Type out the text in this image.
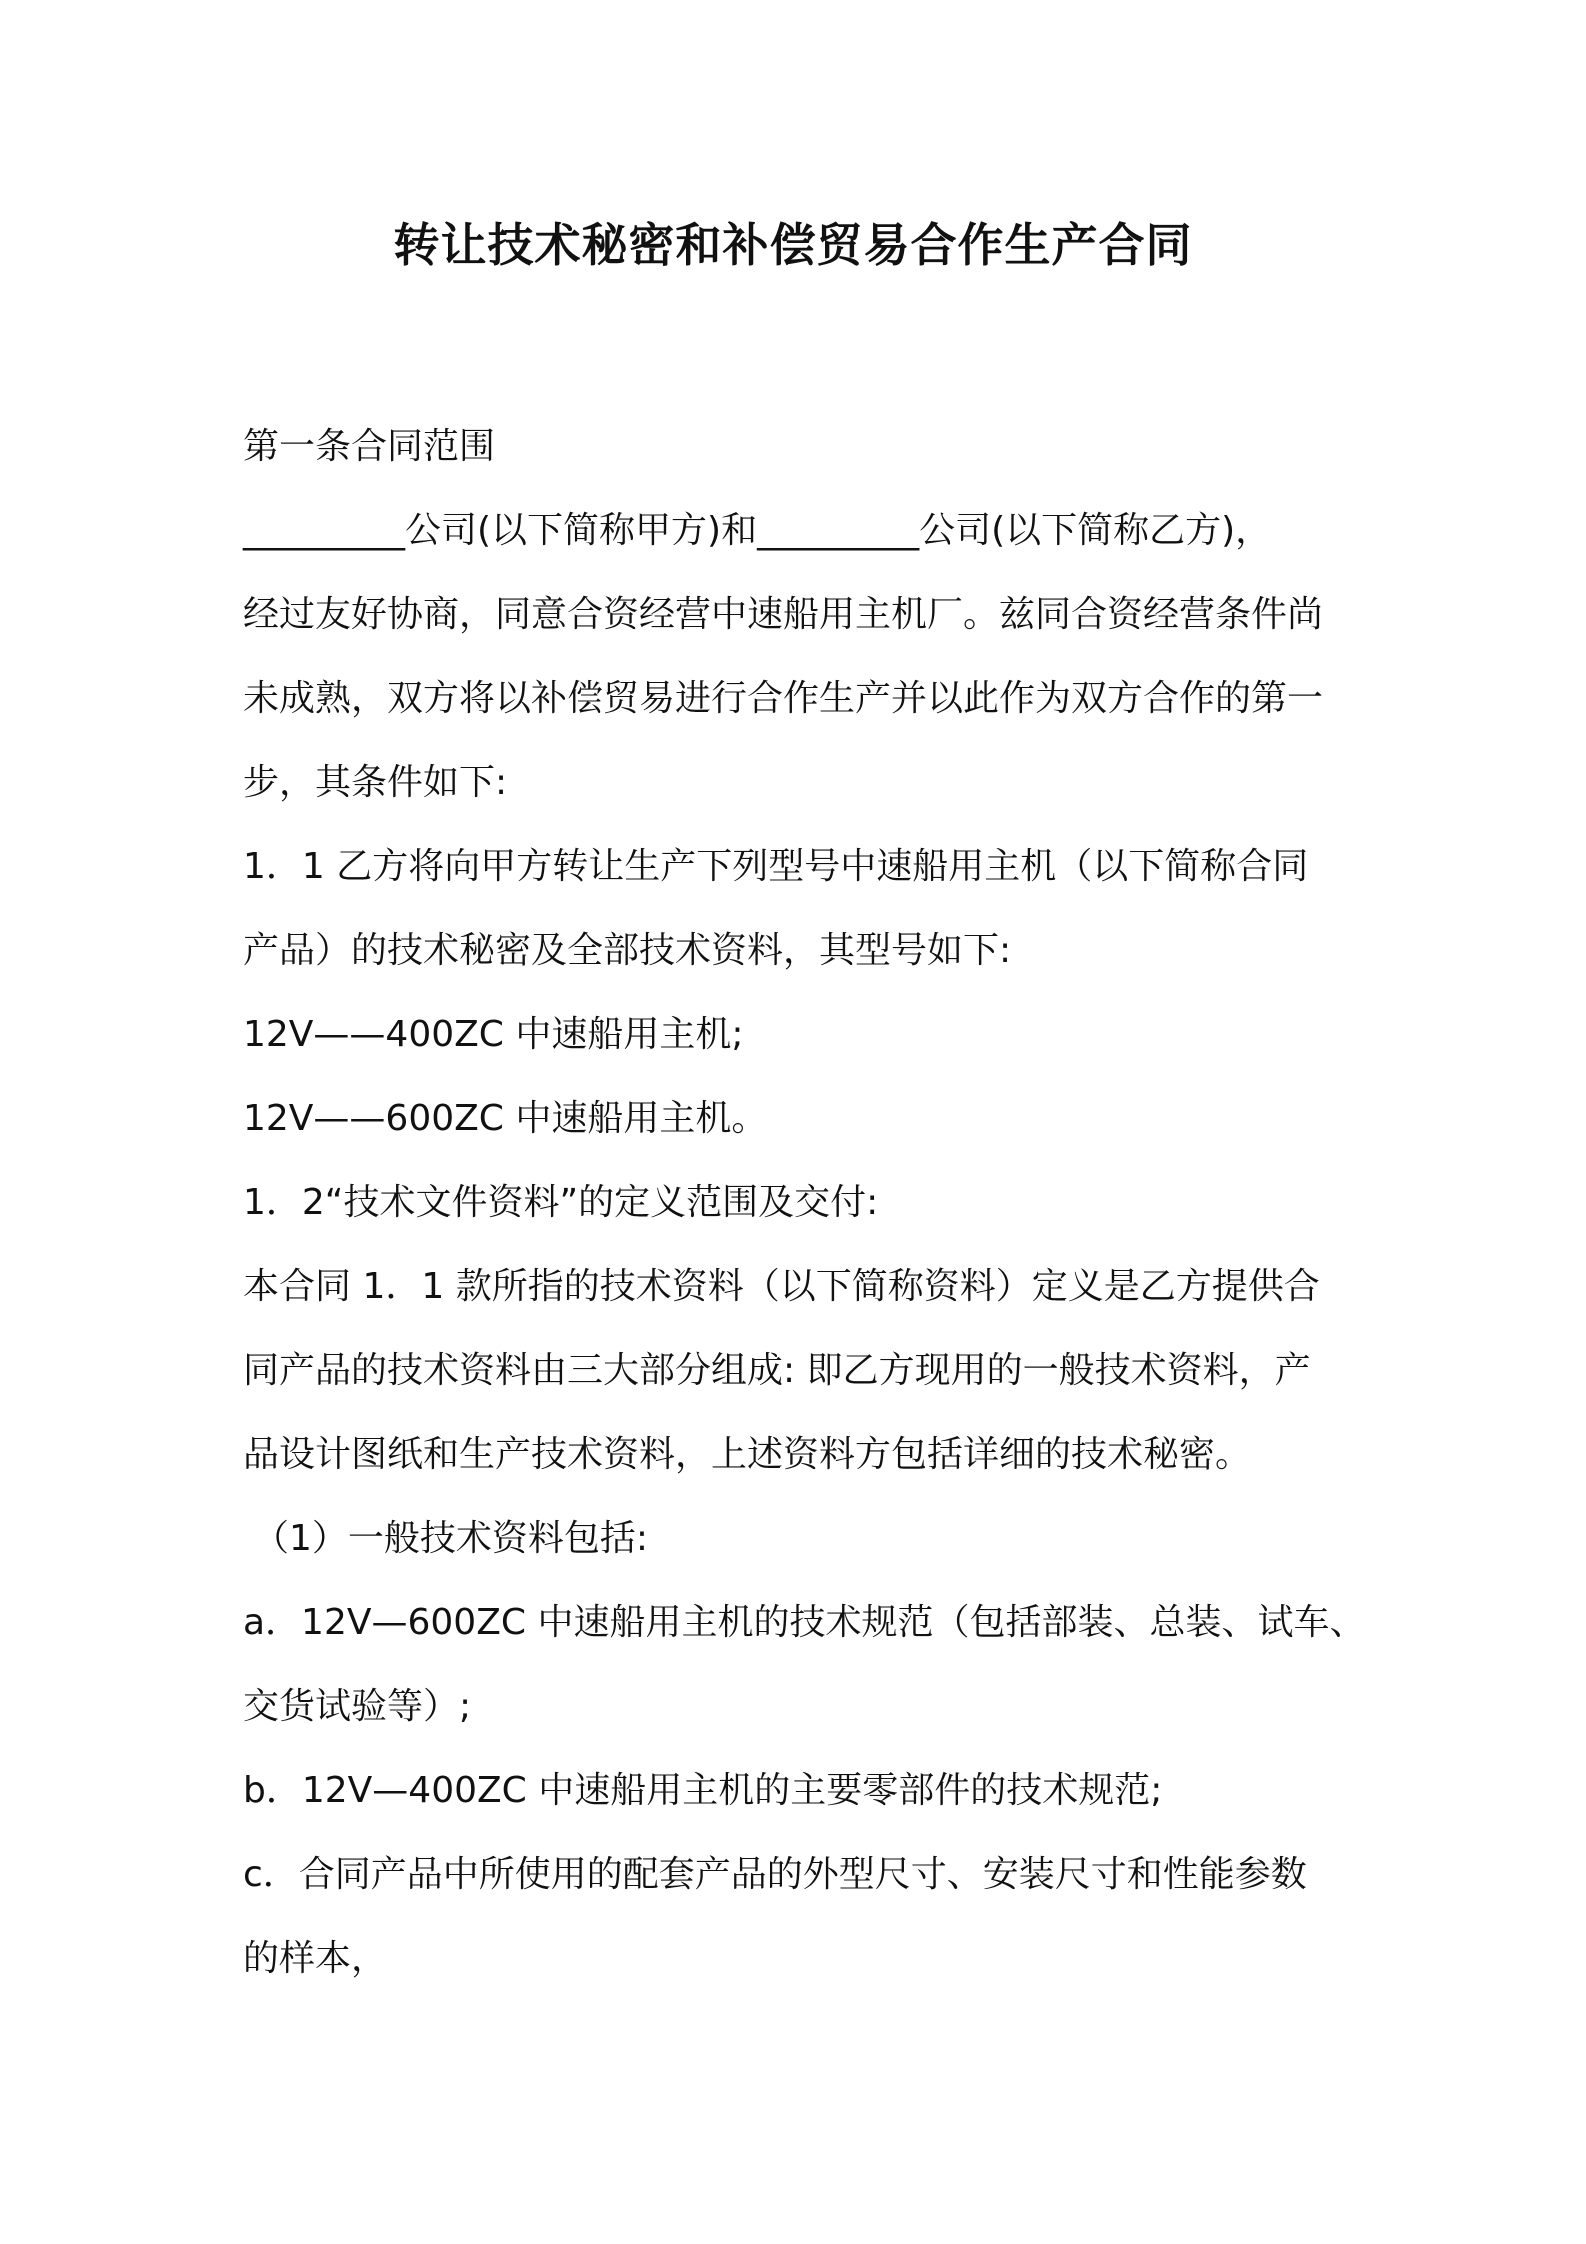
转让技术秘密和补偿贸易合作生产合同
第一条合同范围
_________公司(以下简称甲方)和_________公司(以下简称乙方)，
经过友好协商，同意合资经营中速船用主机厂。兹同合资经营条件尚
未成熟，双方将以补偿贸易进行合作生产并以此作为双方合作的第一
步，其条件如下:
1．1 乙方将向甲方转让生产下列型号中速船用主机（以下简称合同
产品）的技术秘密及全部技术资料，其型号如下:
12V——400ZC 中速船用主机;
12V——600ZC 中速船用主机。
1．2“技术文件资料”的定义范围及交付:
本合同 1．1 款所指的技术资料（以下简称资料）定义是乙方提供合
同产品的技术资料由三大部分组成: 即乙方现用的一般技术资料，产
品设计图纸和生产技术资料，上述资料方包括详细的技术秘密。
（1）一般技术资料包括:
a．12V—600ZC 中速船用主机的技术规范（包括部装、总装、试车、
交货试验等）;
b．12V—400ZC 中速船用主机的主要零部件的技术规范;
c．合同产品中所使用的配套产品的外型尺寸、安装尺寸和性能参数
的样本，
